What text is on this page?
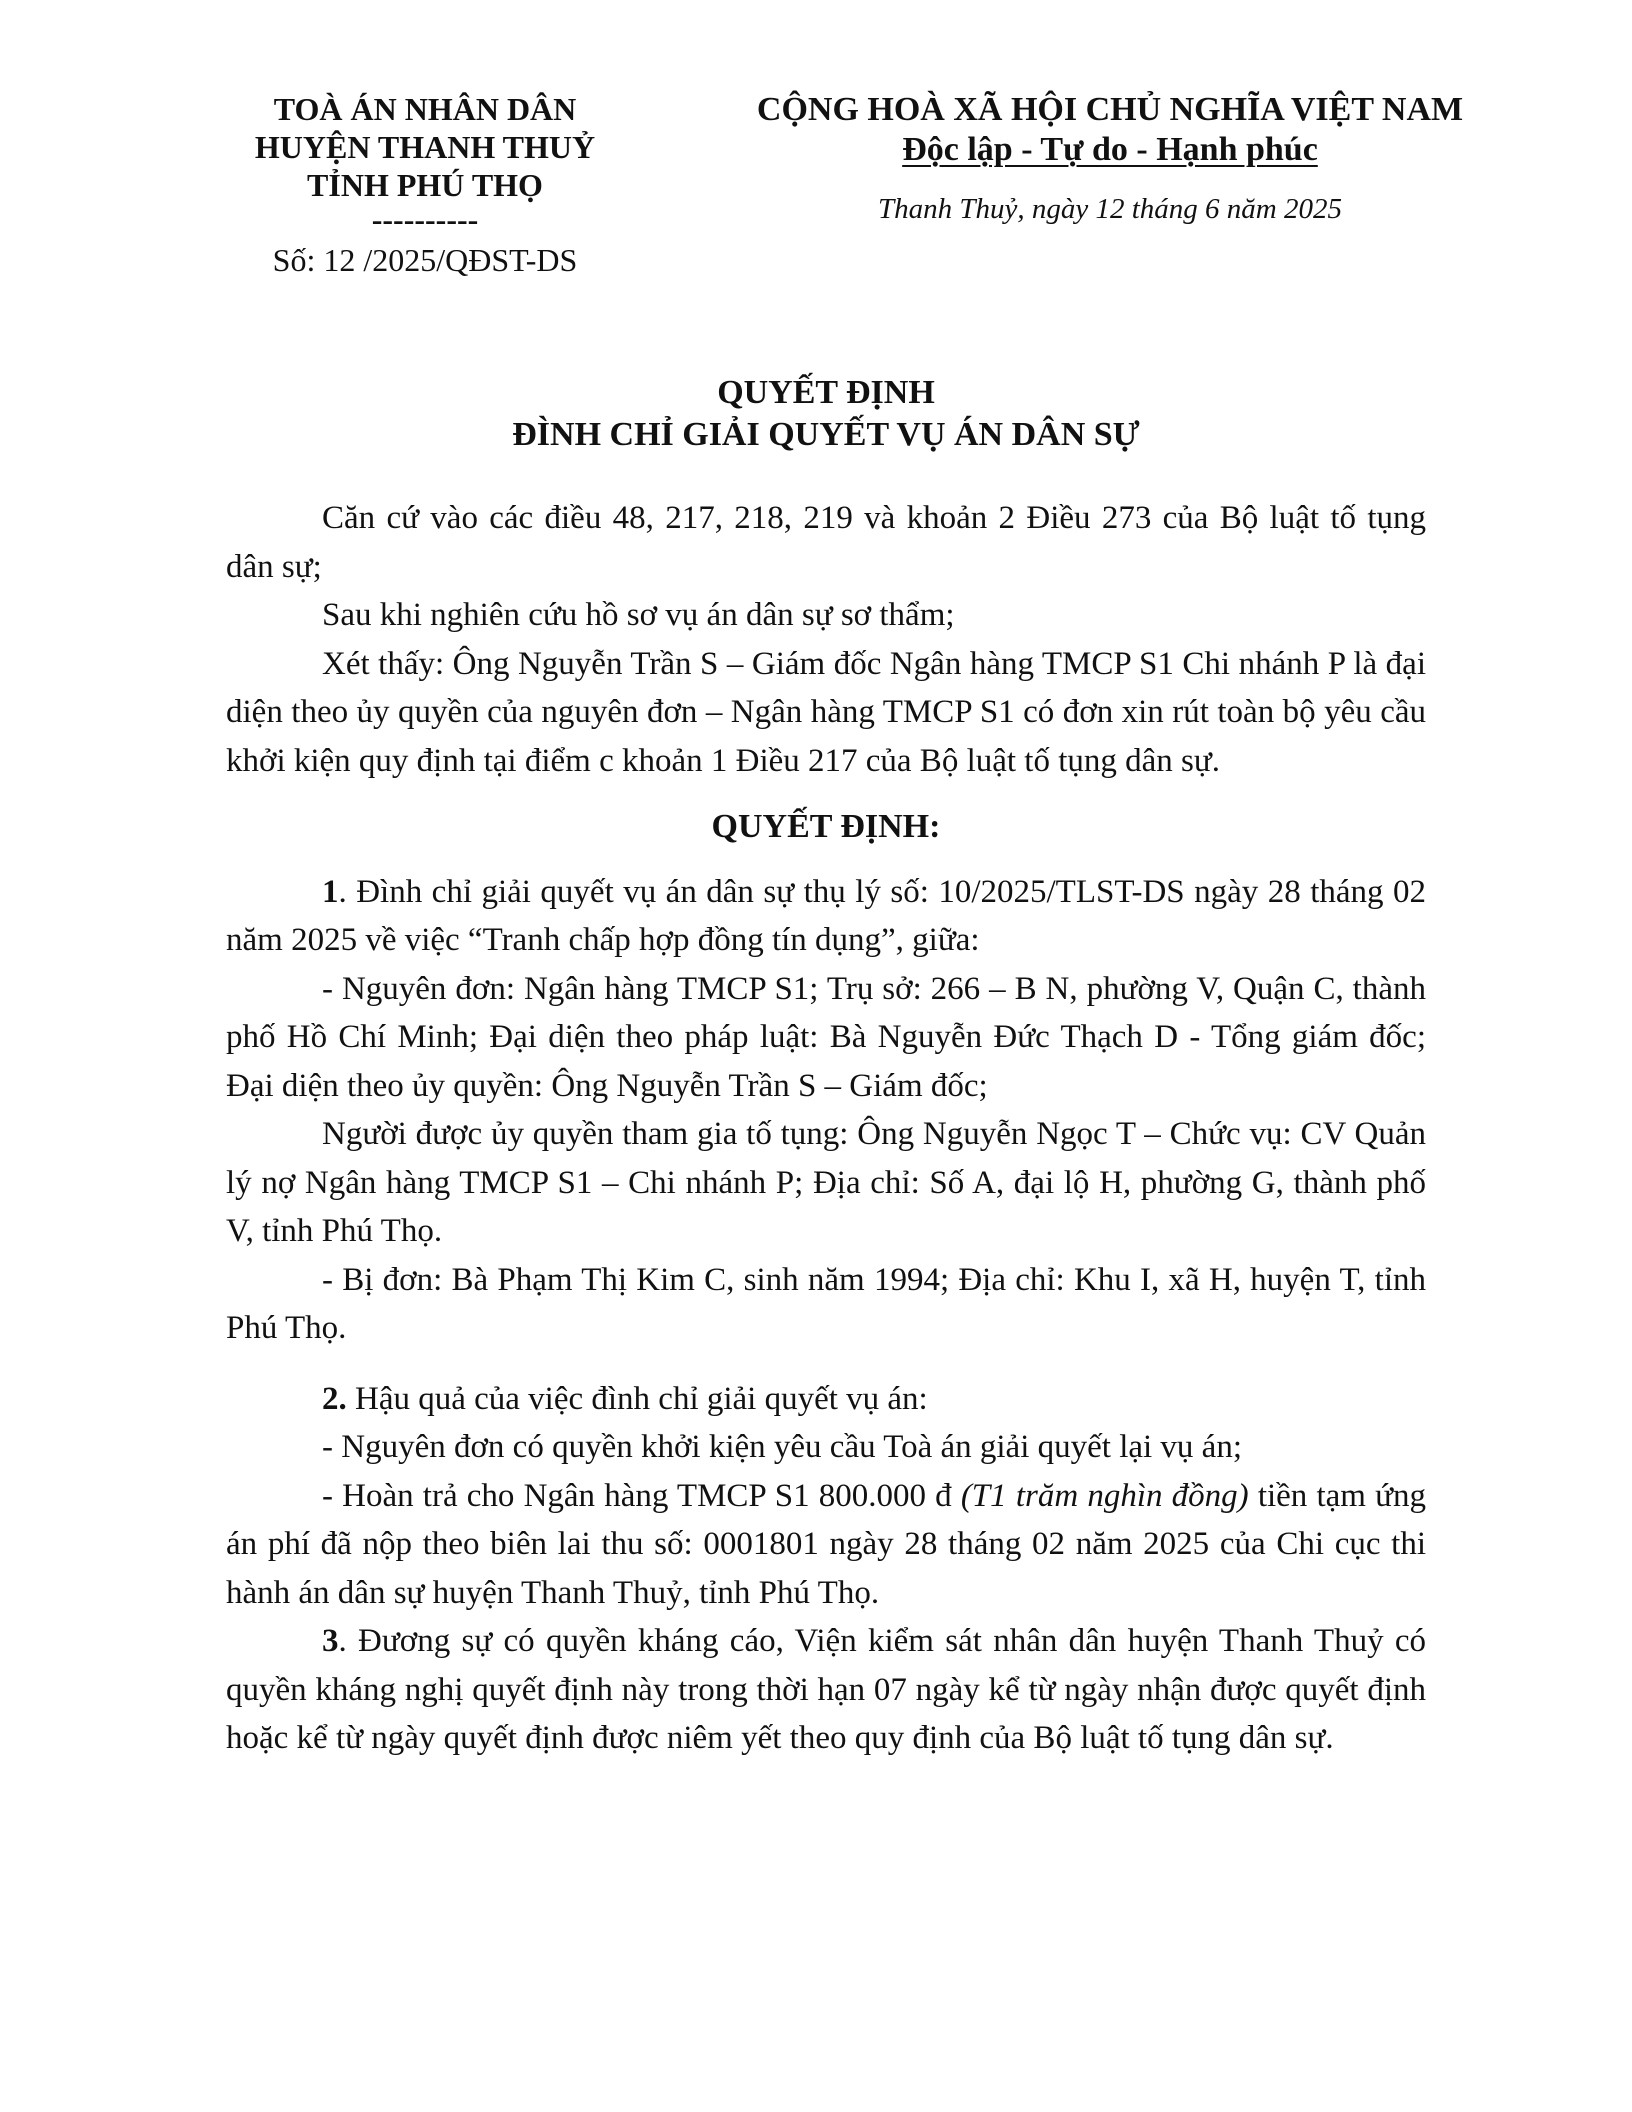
TOÀ ÁN NHÂN DÂN
HUYỆN THANH THUỶ
TỈNH PHÚ THỌ
----------
Số: 12 /2025/QĐST-DS
CỘNG HOÀ XÃ HỘI CHỦ NGHĨA VIỆT NAM
Độc lập - Tự do - Hạnh phúc
Thanh Thuỷ, ngày 12 tháng 6 năm 2025
QUYẾT ĐỊNH
ĐÌNH CHỈ GIẢI QUYẾT VỤ ÁN DÂN SỰ

Căn cứ vào các điều 48, 217, 218, 219 và khoản 2 Điều 273 của Bộ luật tố tụng dân sự;

Sau khi nghiên cứu hồ sơ vụ án dân sự sơ thẩm;

Xét thấy: Ông Nguyễn Trần S – Giám đốc Ngân hàng TMCP S1 Chi nhánh P là đại diện theo ủy quyền của nguyên đơn – Ngân hàng TMCP S1 có đơn xin rút toàn bộ yêu cầu khởi kiện quy định tại điểm c khoản 1 Điều 217 của Bộ luật tố tụng dân sự.

QUYẾT ĐỊNH:

1. Đình chỉ giải quyết vụ án dân sự thụ lý số: 10/2025/TLST-DS ngày 28 tháng 02 năm 2025 về việc “Tranh chấp hợp đồng tín dụng”, giữa:

- Nguyên đơn: Ngân hàng TMCP S1; Trụ sở: 266 – B N, phường V, Quận C, thành phố Hồ Chí Minh; Đại diện theo pháp luật: Bà Nguyễn Đức Thạch D - Tổng giám đốc; Đại diện theo ủy quyền: Ông Nguyễn Trần S – Giám đốc;

Người được ủy quyền tham gia tố tụng: Ông Nguyễn Ngọc T – Chức vụ: CV Quản lý nợ Ngân hàng TMCP S1 – Chi nhánh P; Địa chỉ: Số A, đại lộ H, phường G, thành phố V, tỉnh Phú Thọ.

- Bị đơn: Bà Phạm Thị Kim C, sinh năm 1994; Địa chỉ: Khu I, xã H, huyện T, tỉnh Phú Thọ.

2. Hậu quả của việc đình chỉ giải quyết vụ án:

- Nguyên đơn có quyền khởi kiện yêu cầu Toà án giải quyết lại vụ án;

- Hoàn trả cho Ngân hàng TMCP S1 800.000 đ (T1 trăm nghìn đồng) tiền tạm ứng án phí đã nộp theo biên lai thu số: 0001801 ngày 28 tháng 02 năm 2025 của Chi cục thi hành án dân sự huyện Thanh Thuỷ, tỉnh Phú Thọ.

3. Đương sự có quyền kháng cáo, Viện kiểm sát nhân dân huyện Thanh Thuỷ có quyền kháng nghị quyết định này trong thời hạn 07 ngày kể từ ngày nhận được quyết định hoặc kể từ ngày quyết định được niêm yết theo quy định của Bộ luật tố tụng dân sự.
